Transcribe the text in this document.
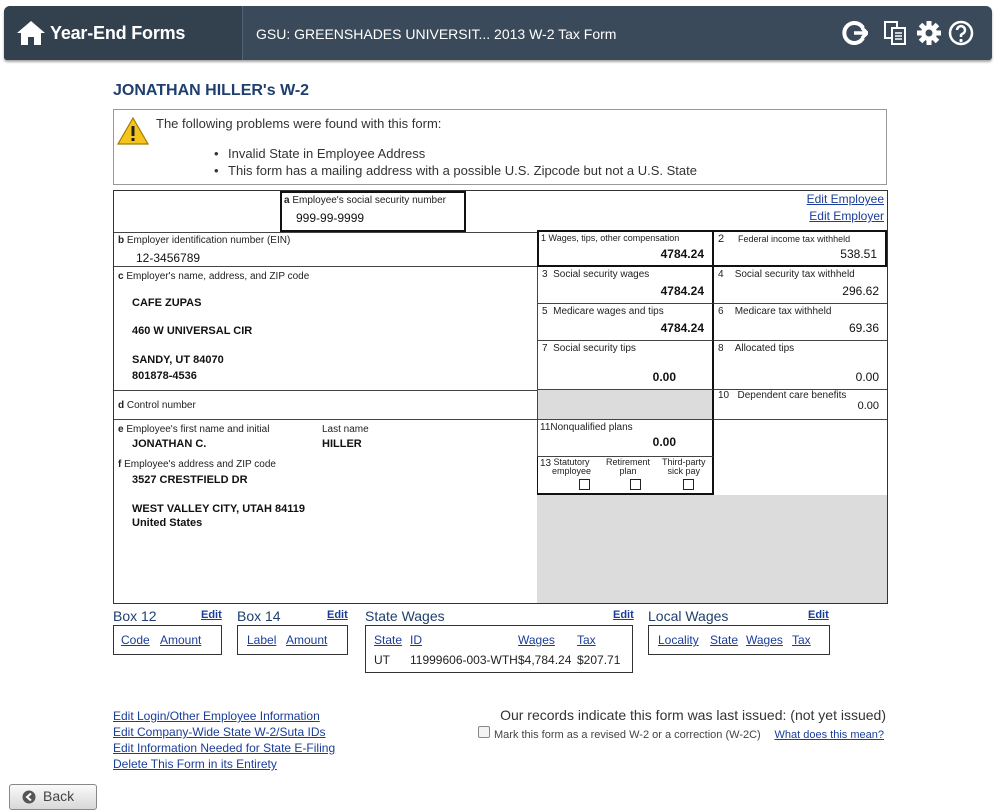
Year-End Forms	GSU: GREENSHADES UNIVERSIT... 2013 W-2 Tax Form
JONATHAN HILLER's W-2
The following problems were found with this form:
• Invalid State in Employee Address
• This form has a mailing address with a possible U.S. Zipcode but not a U.S. State
Edit Employee
Edit Employer
a Employee's social security number
999-99-9999
b Employer identification number (EIN)
12-3456789
c Employer's name, address, and ZIP code
CAFE ZUPAS
460 W UNIVERSAL CIR
SANDY, UT 84070
801878-4536
d Control number
e Employee's first name and initial	Last name
JONATHAN C.	HILLER
f Employee's address and ZIP code
3527 CRESTFIELD DR
WEST VALLEY CITY, UTAH 84119
United States
1 Wages, tips, other compensation
4784.24
3 Social security wages
4784.24
5 Medicare wages and tips
4784.24
7 Social security tips
0.00
11Nonqualified plans
0.00
13 Statutory
employee
Retirement
plan
Third-party
sick pay
2 Federal income tax withheld
538.51
4 Social security tax withheld
296.62
6 Medicare tax withheld
69.36
8 Allocated tips
0.00
10 Dependent care benefits
0.00
Box 12	Edit
Code Amount
Box 14	Edit
Label Amount
State Wages	Edit
State ID	Wages Tax
UT 11999606-003-WTH $4,784.24 $207.71
Local Wages	Edit
Locality State Wages Tax
Edit Login/Other Employee Information
Edit Company-Wide State W-2/Suta IDs
Edit Information Needed for State E-Filing
Delete This Form in its Entirety
Our records indicate this form was last issued: (not yet issued)
Mark this form as a revised W-2 or a correction (W-2C) What does this mean?
Back
